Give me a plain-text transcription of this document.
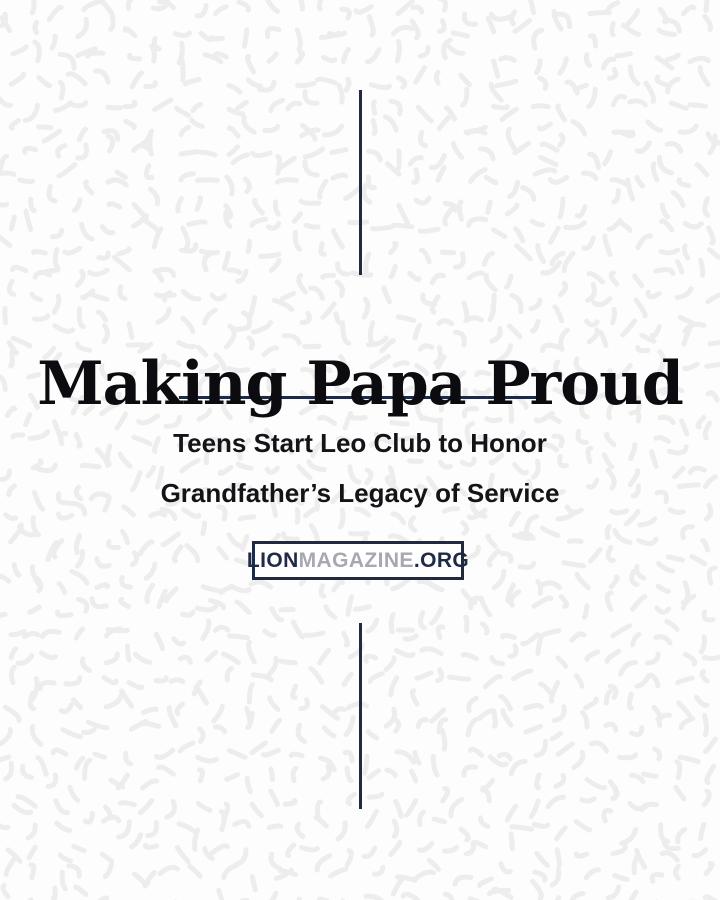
Making Papa Proud
Teens Start Leo Club to Honor
Grandfather’s Legacy of Service
LION MAGAZINE .ORG
